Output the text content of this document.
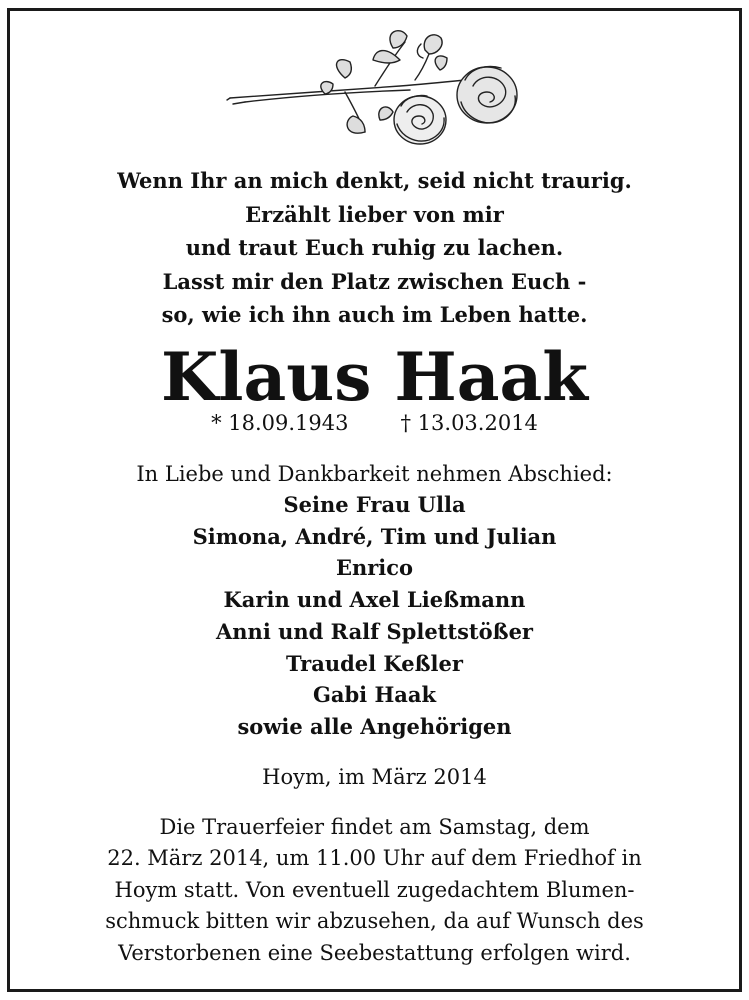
Wenn Ihr an mich denkt, seid nicht traurig.
Erzählt lieber von mir
und traut Euch ruhig zu lachen.
Lasst mir den Platz zwischen Euch -
so, wie ich ihn auch im Leben hatte.
Klaus Haak
* 18.09.1943 † 13.03.2014
In Liebe und Dankbarkeit nehmen Abschied:
Seine Frau Ulla
Simona, André, Tim und Julian
Enrico
Karin und Axel Ließmann
Anni und Ralf Splettstößer
Traudel Keßler
Gabi Haak
sowie alle Angehörigen
Hoym, im März 2014
Die Trauerfeier findet am Samstag, dem
22. März 2014, um 11.00 Uhr auf dem Friedhof in
Hoym statt. Von eventuell zugedachtem Blumen-
schmuck bitten wir abzusehen, da auf Wunsch des
Verstorbenen eine Seebestattung erfolgen wird.
